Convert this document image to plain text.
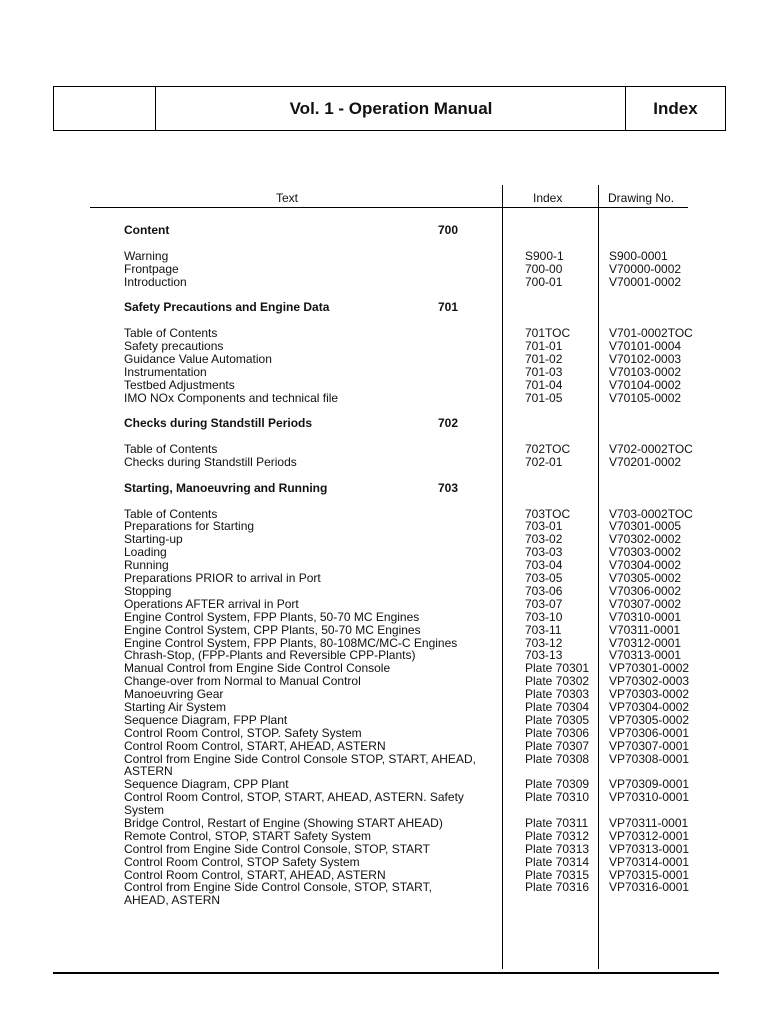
Vol. 1 - Operation Manual	Index
Text	Index	Drawing No.
Content	700
Warning	S900-1	S900-0001
Frontpage	700-00	V70000-0002
Introduction	700-01	V70001-0002
Safety Precautions and Engine Data	701
Table of Contents	701TOC	V701-0002TOC
Safety precautions	701-01	V70101-0004
Guidance Value Automation	701-02	V70102-0003
Instrumentation	701-03	V70103-0002
Testbed Adjustments	701-04	V70104-0002
IMO NOx Components and technical file	701-05	V70105-0002
Checks during Standstill Periods	702
Table of Contents	702TOC	V702-0002TOC
Checks during Standstill Periods	702-01	V70201-0002
Starting, Manoeuvring and Running	703
Table of Contents	703TOC	V703-0002TOC
Preparations for Starting	703-01	V70301-0005
Starting-up	703-02	V70302-0002
Loading	703-03	V70303-0002
Running	703-04	V70304-0002
Preparations PRIOR to arrival in Port	703-05	V70305-0002
Stopping	703-06	V70306-0002
Operations AFTER arrival in Port	703-07	V70307-0002
Engine Control System, FPP Plants, 50-70 MC Engines	703-10	V70310-0001
Engine Control System, CPP Plants, 50-70 MC Engines	703-11	V70311-0001
Engine Control System, FPP Plants, 80-108MC/MC-C Engines	703-12	V70312-0001
Chrash-Stop, (FPP-Plants and Reversible CPP-Plants)	703-13	V70313-0001
Manual Control from Engine Side Control Console	Plate 70301 VP70301-0002
Change-over from Normal to Manual Control	Plate 70302 VP70302-0003
Manoeuvring Gear	Plate 70303 VP70303-0002
Starting Air System	Plate 70304 VP70304-0002
Sequence Diagram, FPP Plant	Plate 70305 VP70305-0002
Control Room Control, STOP. Safety System	Plate 70306 VP70306-0001
Control Room Control, START, AHEAD, ASTERN	Plate 70307 VP70307-0001
Control from Engine Side Control Console STOP, START, AHEAD,	Plate 70308 VP70308-0001
ASTERN
Sequence Diagram, CPP Plant	Plate 70309 VP70309-0001
Control Room Control, STOP, START, AHEAD, ASTERN. Safety	Plate 70310 VP70310-0001
System
Bridge Control, Restart of Engine (Showing START AHEAD)	Plate 70311 VP70311-0001
Remote Control, STOP, START Safety System	Plate 70312 VP70312-0001
Control from Engine Side Control Console, STOP, START	Plate 70313 VP70313-0001
Control Room Control, STOP Safety System	Plate 70314 VP70314-0001
Control Room Control, START, AHEAD, ASTERN	Plate 70315 VP70315-0001
Control from Engine Side Control Console, STOP, START,	Plate 70316 VP70316-0001
AHEAD, ASTERN
